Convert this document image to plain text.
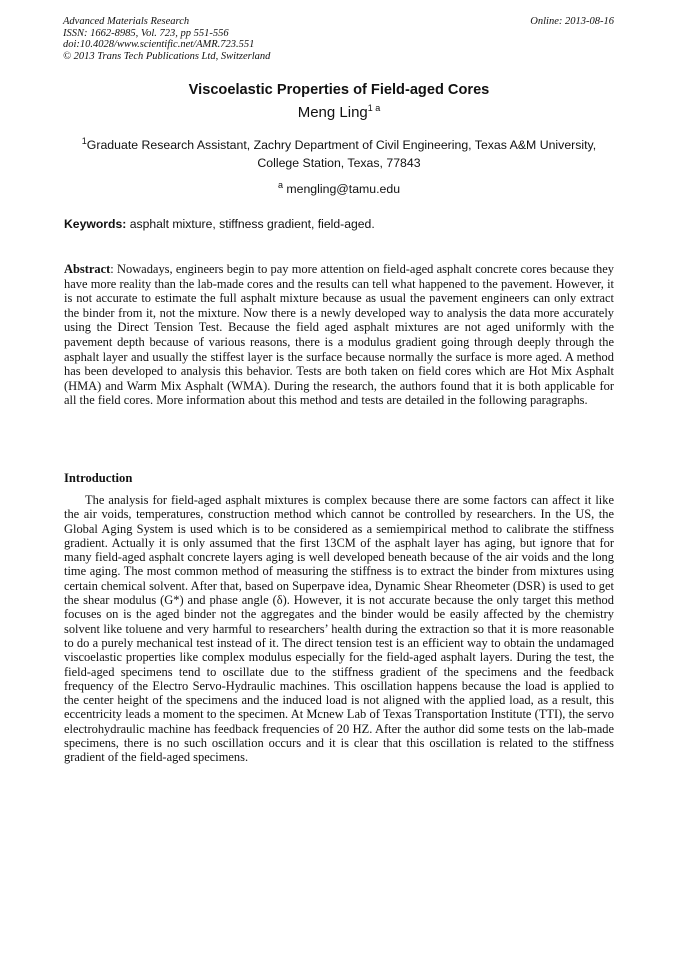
Advanced Materials Research
ISSN: 1662-8985, Vol. 723, pp 551-556
doi:10.4028/www.scientific.net/AMR.723.551
© 2013 Trans Tech Publications Ltd, Switzerland
Online: 2013-08-16
Viscoelastic Properties of Field-aged Cores
Meng Ling$^{1 a}$
$^1$Graduate Research Assistant, Zachry Department of Civil Engineering, Texas A&M University, College Station, Texas, 77843
$^a$ mengling@tamu.edu
Keywords: asphalt mixture, stiffness gradient, field-aged.
Abstract: Nowadays, engineers begin to pay more attention on field-aged asphalt concrete cores because they have more reality than the lab-made cores and the results can tell what happened to the pavement. However, it is not accurate to estimate the full asphalt mixture because as usual the pavement engineers can only extract the binder from it, not the mixture. Now there is a newly developed way to analysis the data more accurately using the Direct Tension Test. Because the field aged asphalt mixtures are not aged uniformly with the pavement depth because of various reasons, there is a modulus gradient going through deeply through the asphalt layer and usually the stiffest layer is the surface because normally the surface is more aged. A method has been developed to analysis this behavior. Tests are both taken on field cores which are Hot Mix Asphalt (HMA) and Warm Mix Asphalt (WMA). During the research, the authors found that it is both applicable for all the field cores. More information about this method and tests are detailed in the following paragraphs.
Introduction
The analysis for field-aged asphalt mixtures is complex because there are some factors can affect it like the air voids, temperatures, construction method which cannot be controlled by researchers. In the US, the Global Aging System is used which is to be considered as a semiempirical method to calibrate the stiffness gradient. Actually it is only assumed that the first 13CM of the asphalt layer has aging, but ignore that for many field-aged asphalt concrete layers aging is well developed beneath because of the air voids and the long time aging. The most common method of measuring the stiffness is to extract the binder from mixtures using certain chemical solvent. After that, based on Superpave idea, Dynamic Shear Rheometer (DSR) is used to get the shear modulus (G*) and phase angle (δ). However, it is not accurate because the only target this method focuses on is the aged binder not the aggregates and the binder would be easily affected by the chemistry solvent like toluene and very harmful to researchers’ health during the extraction so that it is more reasonable to do a purely mechanical test instead of it. The direct tension test is an efficient way to obtain the undamaged viscoelastic properties like complex modulus especially for the field-aged asphalt layers. During the test, the field-aged specimens tend to oscillate due to the stiffness gradient of the specimens and the feedback frequency of the Electro Servo-Hydraulic machines. This oscillation happens because the load is applied to the center height of the specimens and the induced load is not aligned with the applied load, as a result, this eccentricity leads a moment to the specimen. At Mcnew Lab of Texas Transportation Institute (TTI), the servo electrohydraulic machine has feedback frequencies of 20 HZ. After the author did some tests on the lab-made specimens, there is no such oscillation occurs and it is clear that this oscillation is related to the stiffness gradient of the field-aged specimens.
